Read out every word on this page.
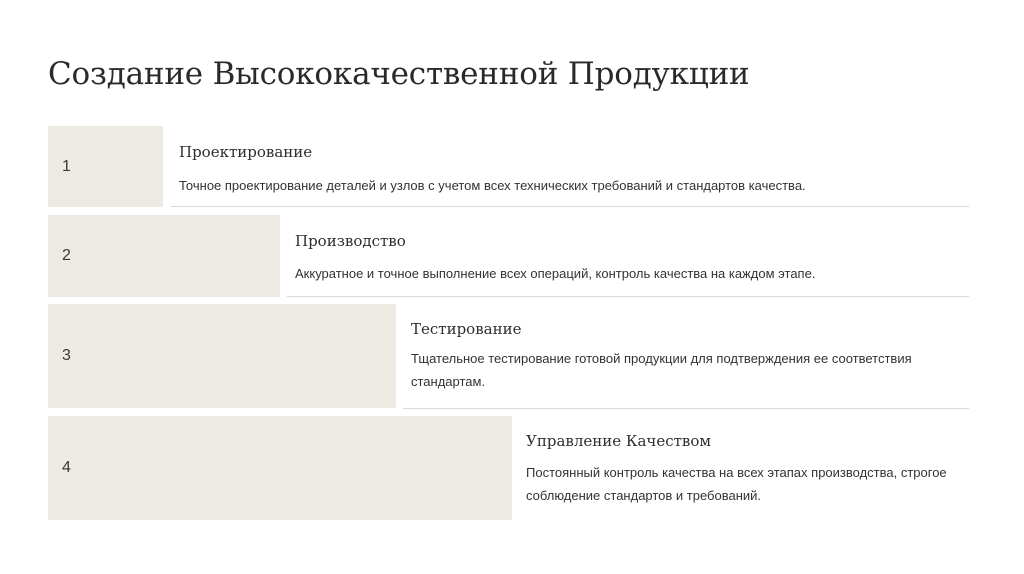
Создание Высококачественной Продукции
1
Проектирование
Точное проектирование деталей и узлов с учетом всех технических требований и стандартов качества.
2
Производство
Аккуратное и точное выполнение всех операций, контроль качества на каждом этапе.
3
Тестирование
Тщательное тестирование готовой продукции для подтверждения ее соответствия стандартам.
4
Управление Качеством
Постоянный контроль качества на всех этапах производства, строгое соблюдение стандартов и требований.
